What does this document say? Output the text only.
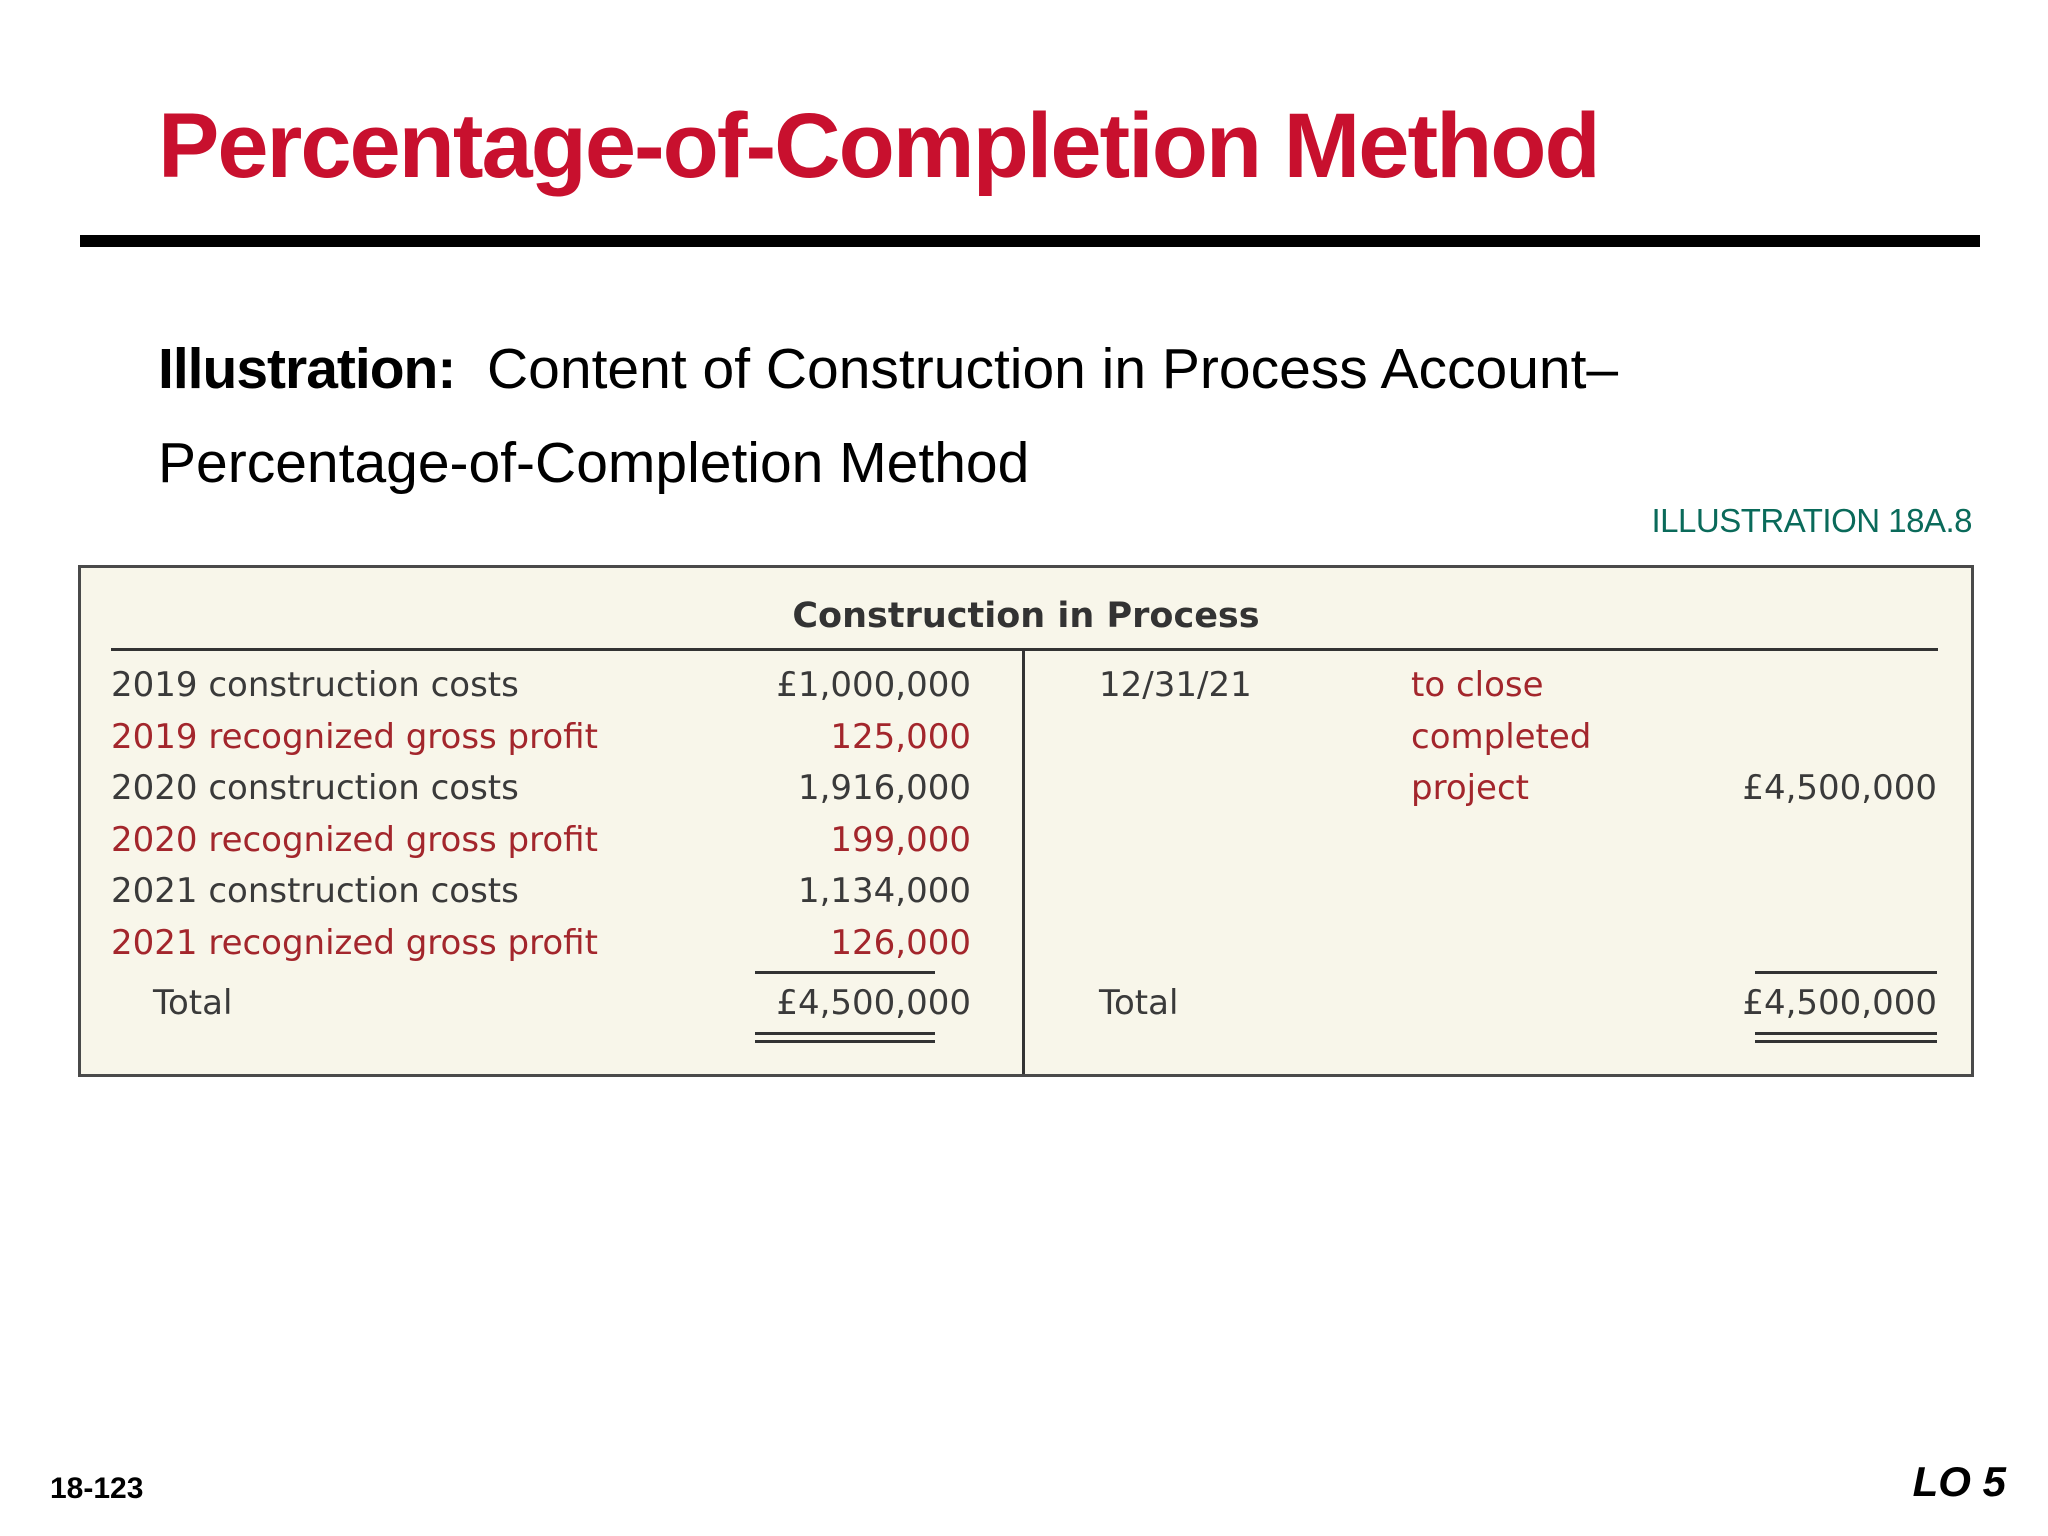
Percentage-of-Completion Method
Illustration: Content of Construction in Process Account–
Percentage-of-Completion Method
ILLUSTRATION 18A.8
Construction in Process
2019 construction costs	£1,000,000
2019 recognized gross profit	125,000
2020 construction costs	1,916,000
2020 recognized gross profit	199,000
2021 construction costs	1,134,000
2021 recognized gross profit	126,000
Total	£4,500,000
12/31/21	to close
completed
project	£4,500,000
Total	£4,500,000
18-123	LO 5
